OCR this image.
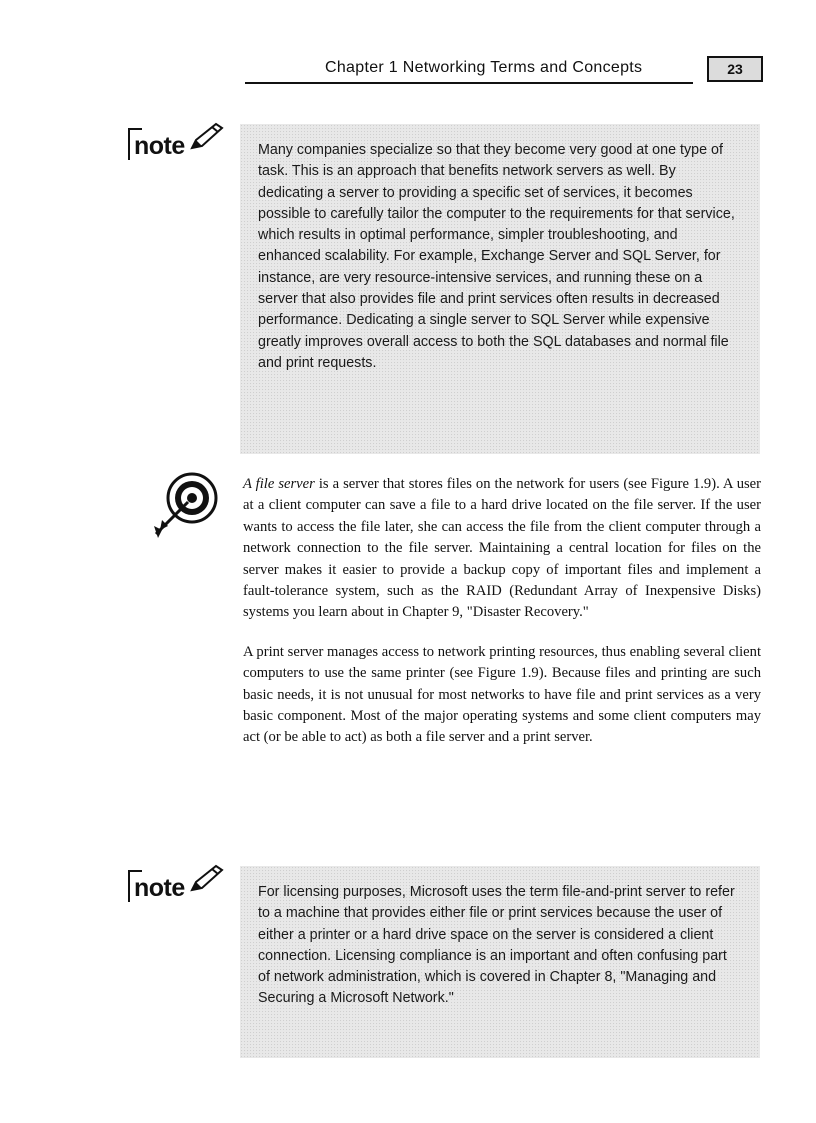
Chapter 1 Networking Terms and Concepts	23
note	Many companies specialize so that they become very good at one type of task. This is an approach that benefits network servers as well. By dedicating a server to providing a specific set of services, it becomes possible to carefully tailor the computer to the requirements for that service, which results in optimal performance, simpler troubleshooting, and enhanced scalability. For example, Exchange Server and SQL Server, for instance, are very resource-intensive services, and running these on a server that also provides file and print services often results in decreased performance. Dedicating a single server to SQL Server while expensive greatly improves overall access to both the SQL databases and normal file and print requests.

A file server is a server that stores files on the network for users (see Figure 1.9). A user at a client computer can save a file to a hard drive located on the file server. If the user wants to access the file later, she can access the file from the client computer through a network connection to the file server. Maintaining a central location for files on the server makes it easier to provide a backup copy of important files and implement a fault-tolerance system, such as the RAID (Redundant Array of Inexpensive Disks) systems you learn about in Chapter 9, "Disaster Recovery."

A print server manages access to network printing resources, thus enabling several client computers to use the same printer (see Figure 1.9). Because files and printing are such basic needs, it is not unusual for most networks to have file and print services as a very basic component. Most of the major operating systems and some client computers may act (or be able to act) as both a file server and a print server.

note	For licensing purposes, Microsoft uses the term file-and-print server to refer to a machine that provides either file or print services because the user of either a printer or a hard drive space on the server is considered a client connection. Licensing compliance is an important and often confusing part of network administration, which is covered in Chapter 8, "Managing and Securing a Microsoft Network."
